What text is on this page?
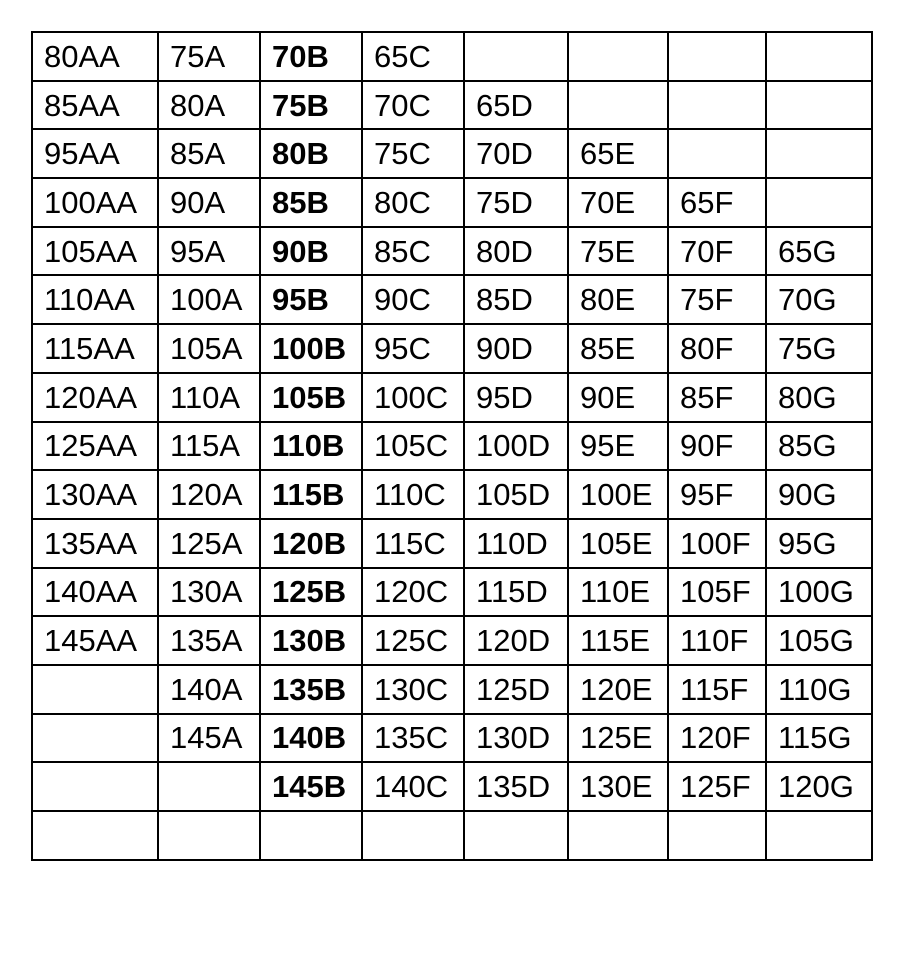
80AA	75A	70B	65C				
85AA	80A	75B	70C	65D			
95AA	85A	80B	75C	70D	65E		
100AA	90A	85B	80C	75D	70E	65F	
105AA	95A	90B	85C	80D	75E	70F	65G
110AA	100A	95B	90C	85D	80E	75F	70G
115AA	105A	100B	95C	90D	85E	80F	75G
120AA	110A	105B	100C	95D	90E	85F	80G
125AA	115A	110B	105C	100D	95E	90F	85G
130AA	120A	115B	110C	105D	100E	95F	90G
135AA	125A	120B	115C	110D	105E	100F	95G
140AA	130A	125B	120C	115D	110E	105F	100G
145AA	135A	130B	125C	120D	115E	110F	105G
	140A	135B	130C	125D	120E	115F	110G
	145A	140B	135C	130D	125E	120F	115G
		145B	140C	135D	130E	125F	120G
